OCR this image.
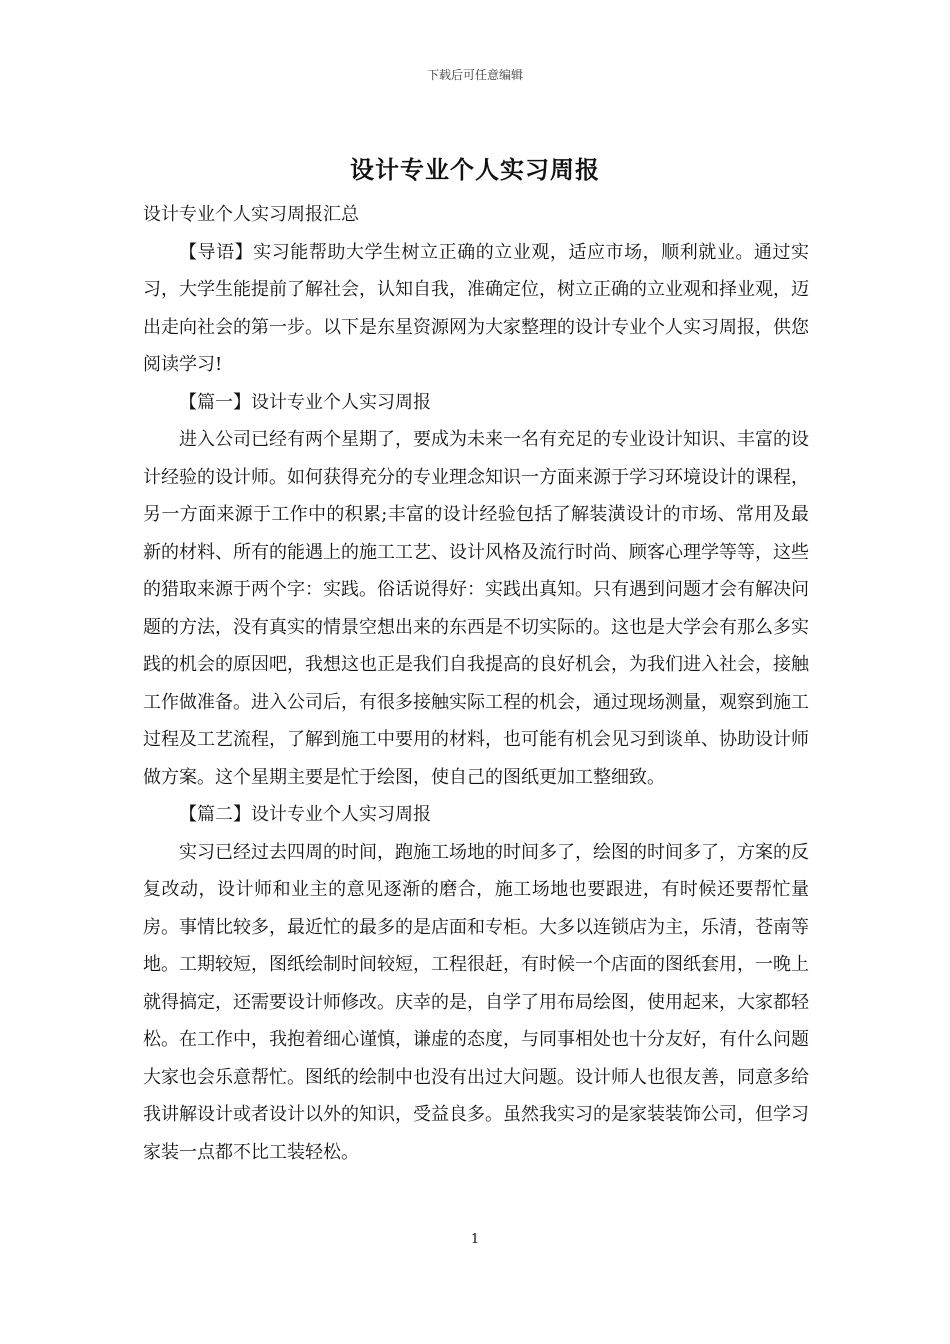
下载后可任意编辑
设计专业个人实习周报

设计专业个人实习周报汇总

【导语】实习能帮助大学生树立正确的立业观，适应市场，顺利就业。通过实习，大学生能提前了解社会，认知自我，准确定位，树立正确的立业观和择业观，迈出走向社会的第一步。以下是东星资源网为大家整理的设计专业个人实习周报，供您阅读学习!

【篇一】设计专业个人实习周报

进入公司已经有两个星期了，要成为未来一名有充足的专业设计知识、丰富的设计经验的设计师。如何获得充分的专业理念知识一方面来源于学习环境设计的课程，另一方面来源于工作中的积累;丰富的设计经验包括了解装潢设计的市场、常用及最新的材料、所有的能遇上的施工工艺、设计风格及流行时尚、顾客心理学等等，这些的猎取来源于两个字：实践。俗话说得好：实践出真知。只有遇到问题才会有解决问题的方法，没有真实的情景空想出来的东西是不切实际的。这也是大学会有那么多实践的机会的原因吧，我想这也正是我们自我提高的良好机会，为我们进入社会，接触工作做准备。进入公司后，有很多接触实际工程的机会，通过现场测量，观察到施工过程及工艺流程，了解到施工中要用的材料，也可能有机会见习到谈单、协助设计师做方案。这个星期主要是忙于绘图，使自己的图纸更加工整细致。

【篇二】设计专业个人实习周报

实习已经过去四周的时间，跑施工场地的时间多了，绘图的时间多了，方案的反复改动，设计师和业主的意见逐渐的磨合，施工场地也要跟进，有时候还要帮忙量房。事情比较多，最近忙的最多的是店面和专柜。大多以连锁店为主，乐清，苍南等地。工期较短，图纸绘制时间较短，工程很赶，有时候一个店面的图纸套用，一晚上就得搞定，还需要设计师修改。庆幸的是，自学了用布局绘图，使用起来，大家都轻松。在工作中，我抱着细心谨慎，谦虚的态度，与同事相处也十分友好，有什么问题大家也会乐意帮忙。图纸的绘制中也没有出过大问题。设计师人也很友善，同意多给我讲解设计或者设计以外的知识，受益良多。虽然我实习的是家装装饰公司，但学习家装一点都不比工装轻松。

1
